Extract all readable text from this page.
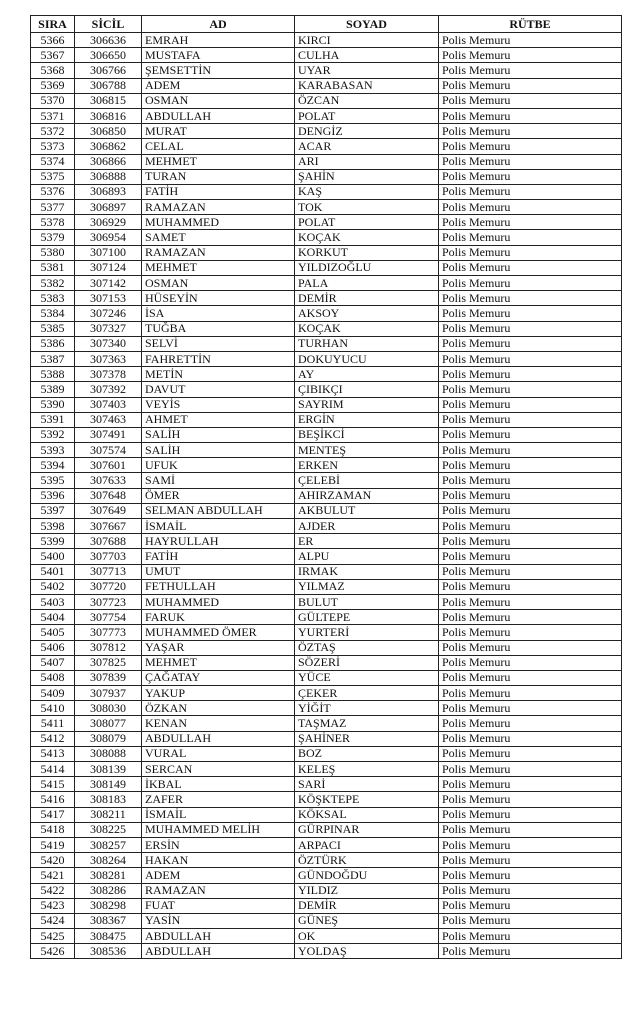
SIRA	SİCİL	AD	SOYAD	RÜTBE
5366	306636	EMRAH	KIRCI	Polis Memuru
5367	306650	MUSTAFA	CULHA	Polis Memuru
5368	306766	ŞEMSETTİN	UYAR	Polis Memuru
5369	306788	ADEM	KARABASAN	Polis Memuru
5370	306815	OSMAN	ÖZCAN	Polis Memuru
5371	306816	ABDULLAH	POLAT	Polis Memuru
5372	306850	MURAT	DENGİZ	Polis Memuru
5373	306862	CELAL	ACAR	Polis Memuru
5374	306866	MEHMET	ARI	Polis Memuru
5375	306888	TURAN	ŞAHİN	Polis Memuru
5376	306893	FATİH	KAŞ	Polis Memuru
5377	306897	RAMAZAN	TOK	Polis Memuru
5378	306929	MUHAMMED	POLAT	Polis Memuru
5379	306954	SAMET	KOÇAK	Polis Memuru
5380	307100	RAMAZAN	KORKUT	Polis Memuru
5381	307124	MEHMET	YILDIZOĞLU	Polis Memuru
5382	307142	OSMAN	PALA	Polis Memuru
5383	307153	HÜSEYİN	DEMİR	Polis Memuru
5384	307246	İSA	AKSOY	Polis Memuru
5385	307327	TUĞBA	KOÇAK	Polis Memuru
5386	307340	SELVİ	TURHAN	Polis Memuru
5387	307363	FAHRETTİN	DOKUYUCU	Polis Memuru
5388	307378	METİN	AY	Polis Memuru
5389	307392	DAVUT	ÇIBIKÇI	Polis Memuru
5390	307403	VEYİS	SAYRIM	Polis Memuru
5391	307463	AHMET	ERGİN	Polis Memuru
5392	307491	SALİH	BEŞİKCİ	Polis Memuru
5393	307574	SALİH	MENTEŞ	Polis Memuru
5394	307601	UFUK	ERKEN	Polis Memuru
5395	307633	SAMİ	ÇELEBİ	Polis Memuru
5396	307648	ÖMER	AHIRZAMAN	Polis Memuru
5397	307649	SELMAN ABDULLAH	AKBULUT	Polis Memuru
5398	307667	İSMAİL	AJDER	Polis Memuru
5399	307688	HAYRULLAH	ER	Polis Memuru
5400	307703	FATİH	ALPU	Polis Memuru
5401	307713	UMUT	IRMAK	Polis Memuru
5402	307720	FETHULLAH	YILMAZ	Polis Memuru
5403	307723	MUHAMMED	BULUT	Polis Memuru
5404	307754	FARUK	GÜLTEPE	Polis Memuru
5405	307773	MUHAMMED ÖMER	YURTERİ	Polis Memuru
5406	307812	YAŞAR	ÖZTAŞ	Polis Memuru
5407	307825	MEHMET	SÖZERİ	Polis Memuru
5408	307839	ÇAĞATAY	YÜCE	Polis Memuru
5409	307937	YAKUP	ÇEKER	Polis Memuru
5410	308030	ÖZKAN	YİĞİT	Polis Memuru
5411	308077	KENAN	TAŞMAZ	Polis Memuru
5412	308079	ABDULLAH	ŞAHİNER	Polis Memuru
5413	308088	VURAL	BOZ	Polis Memuru
5414	308139	SERCAN	KELEŞ	Polis Memuru
5415	308149	İKBAL	SARİ	Polis Memuru
5416	308183	ZAFER	KÖŞKTEPE	Polis Memuru
5417	308211	İSMAİL	KÖKSAL	Polis Memuru
5418	308225	MUHAMMED MELİH	GÜRPINAR	Polis Memuru
5419	308257	ERSİN	ARPACI	Polis Memuru
5420	308264	HAKAN	ÖZTÜRK	Polis Memuru
5421	308281	ADEM	GÜNDOĞDU	Polis Memuru
5422	308286	RAMAZAN	YILDIZ	Polis Memuru
5423	308298	FUAT	DEMİR	Polis Memuru
5424	308367	YASİN	GÜNEŞ	Polis Memuru
5425	308475	ABDULLAH	OK	Polis Memuru
5426	308536	ABDULLAH	YOLDAŞ	Polis Memuru
